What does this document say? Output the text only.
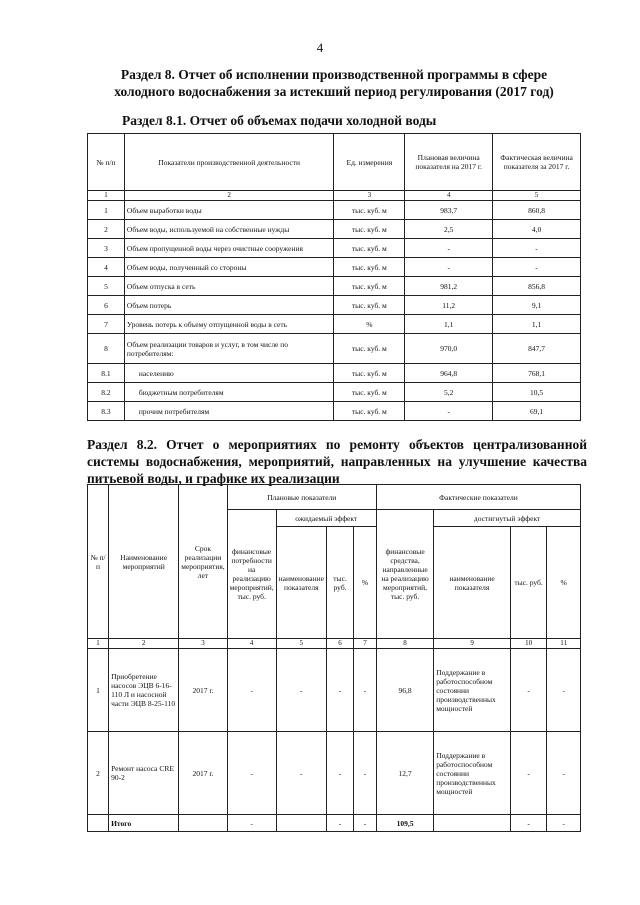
4
Раздел 8. Отчет об исполнении производственной программы в сфере
холодного водоснабжения за истекший период регулирования (2017 год)
Раздел 8.1. Отчет об объемах подачи холодной воды
№ п/п	Показатели производственной деятельности	Ед. измерения	Плановая величина показателя на 2017 г.	Фактическая величина показателя за 2017 г.
1	2	3	4	5
1	Объем выработки воды	тыс. куб. м	983,7	860,8
2	Объем воды, используемой на собственные нужды	тыс. куб. м	2,5	4,0
3	Объем пропущенной воды через очистные сооружения	тыс. куб. м	-	-
4	Объем воды, полученный со стороны	тыс. куб. м	-	-
5	Объем отпуска в сеть	тыс. куб. м	981,2	856,8
6	Объем потерь	тыс. куб. м	11,2	9,1
7	Уровень потерь к объему отпущенной воды в сеть	%	1,1	1,1
8	Объем реализации товаров и услуг, в том числе по потребителям:	тыс. куб. м	970,0	847,7
8.1	населению	тыс. куб. м	964,8	768,1
8.2	бюджетным потребителям	тыс. куб. м	5,2	10,5
8.3	прочим потребителям	тыс. куб. м	-	69,1
Раздел 8.2. Отчет о мероприятиях по ремонту объектов централизованной системы водоснабжения, мероприятий, направленных на улучшение качества питьевой воды, и графике их реализации
№ п/п	Наименование мероприятий	Срок реализации мероприятия, лет	Плановые показатели				Фактические показатели			
			финансовые потребности на реализацию мероприятий, тыс. руб.	ожидаемый эффект			финансовые средства, направленные на реализацию мероприятий, тыс. руб.	достигнутый эффект		
				наименование показателя	тыс. руб.	%		наименование показателя	тыс. руб.	%
1	2	3	4	5	6	7	8	9	10	11
1	Приобретение насосов ЭЦВ 6-16-110 Л и насосной части ЭЦВ 8-25-110	2017 г.	-	-	-	-	96,8	Поддержание в работоспособном состоянии производственных мощностей	-	-
2	Ремонт насоса CRE 90-2	2017 г.	-	-	-	-	12,7	Поддержание в работоспособном состоянии производственных мощностей	-	-
	Итого		-		-	-	109,5		-	-
